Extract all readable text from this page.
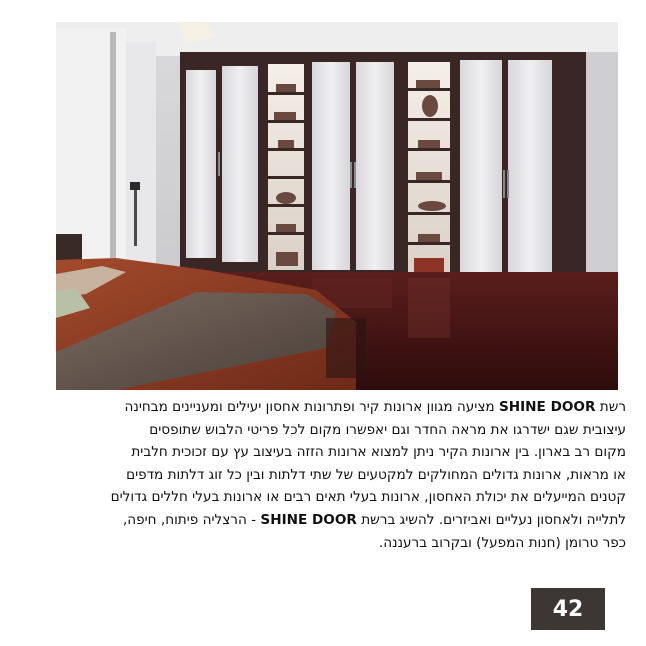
רשת SHINE DOOR מציעה מגוון ארונות קיר ופתרונות אחסון יעילים ומעניינים מבחינה
עיצובית שגם ישדרגו את מראה החדר וגם יאפשרו מקום לכל פריטי הלבוש שתופסים
מקום רב בארון. בין ארונות הקיר ניתן למצוא ארונות הזזה בעיצוב עץ עם זכוכית חלבית
או מראות, ארונות גדולים המחולקים למקטעים של שתי דלתות ובין כל זוג דלתות מדפים
קטנים המייעלים את יכולת האחסון, ארונות בעלי תאים רבים או ארונות בעלי חללים גדולים
לתלייה ולאחסון נעליים ואביזרים. להשיג ברשת SHINE DOOR - הרצליה פיתוח, חיפה,
כפר טרומן (חנות המפעל) ובקרוב ברעננה.
42
